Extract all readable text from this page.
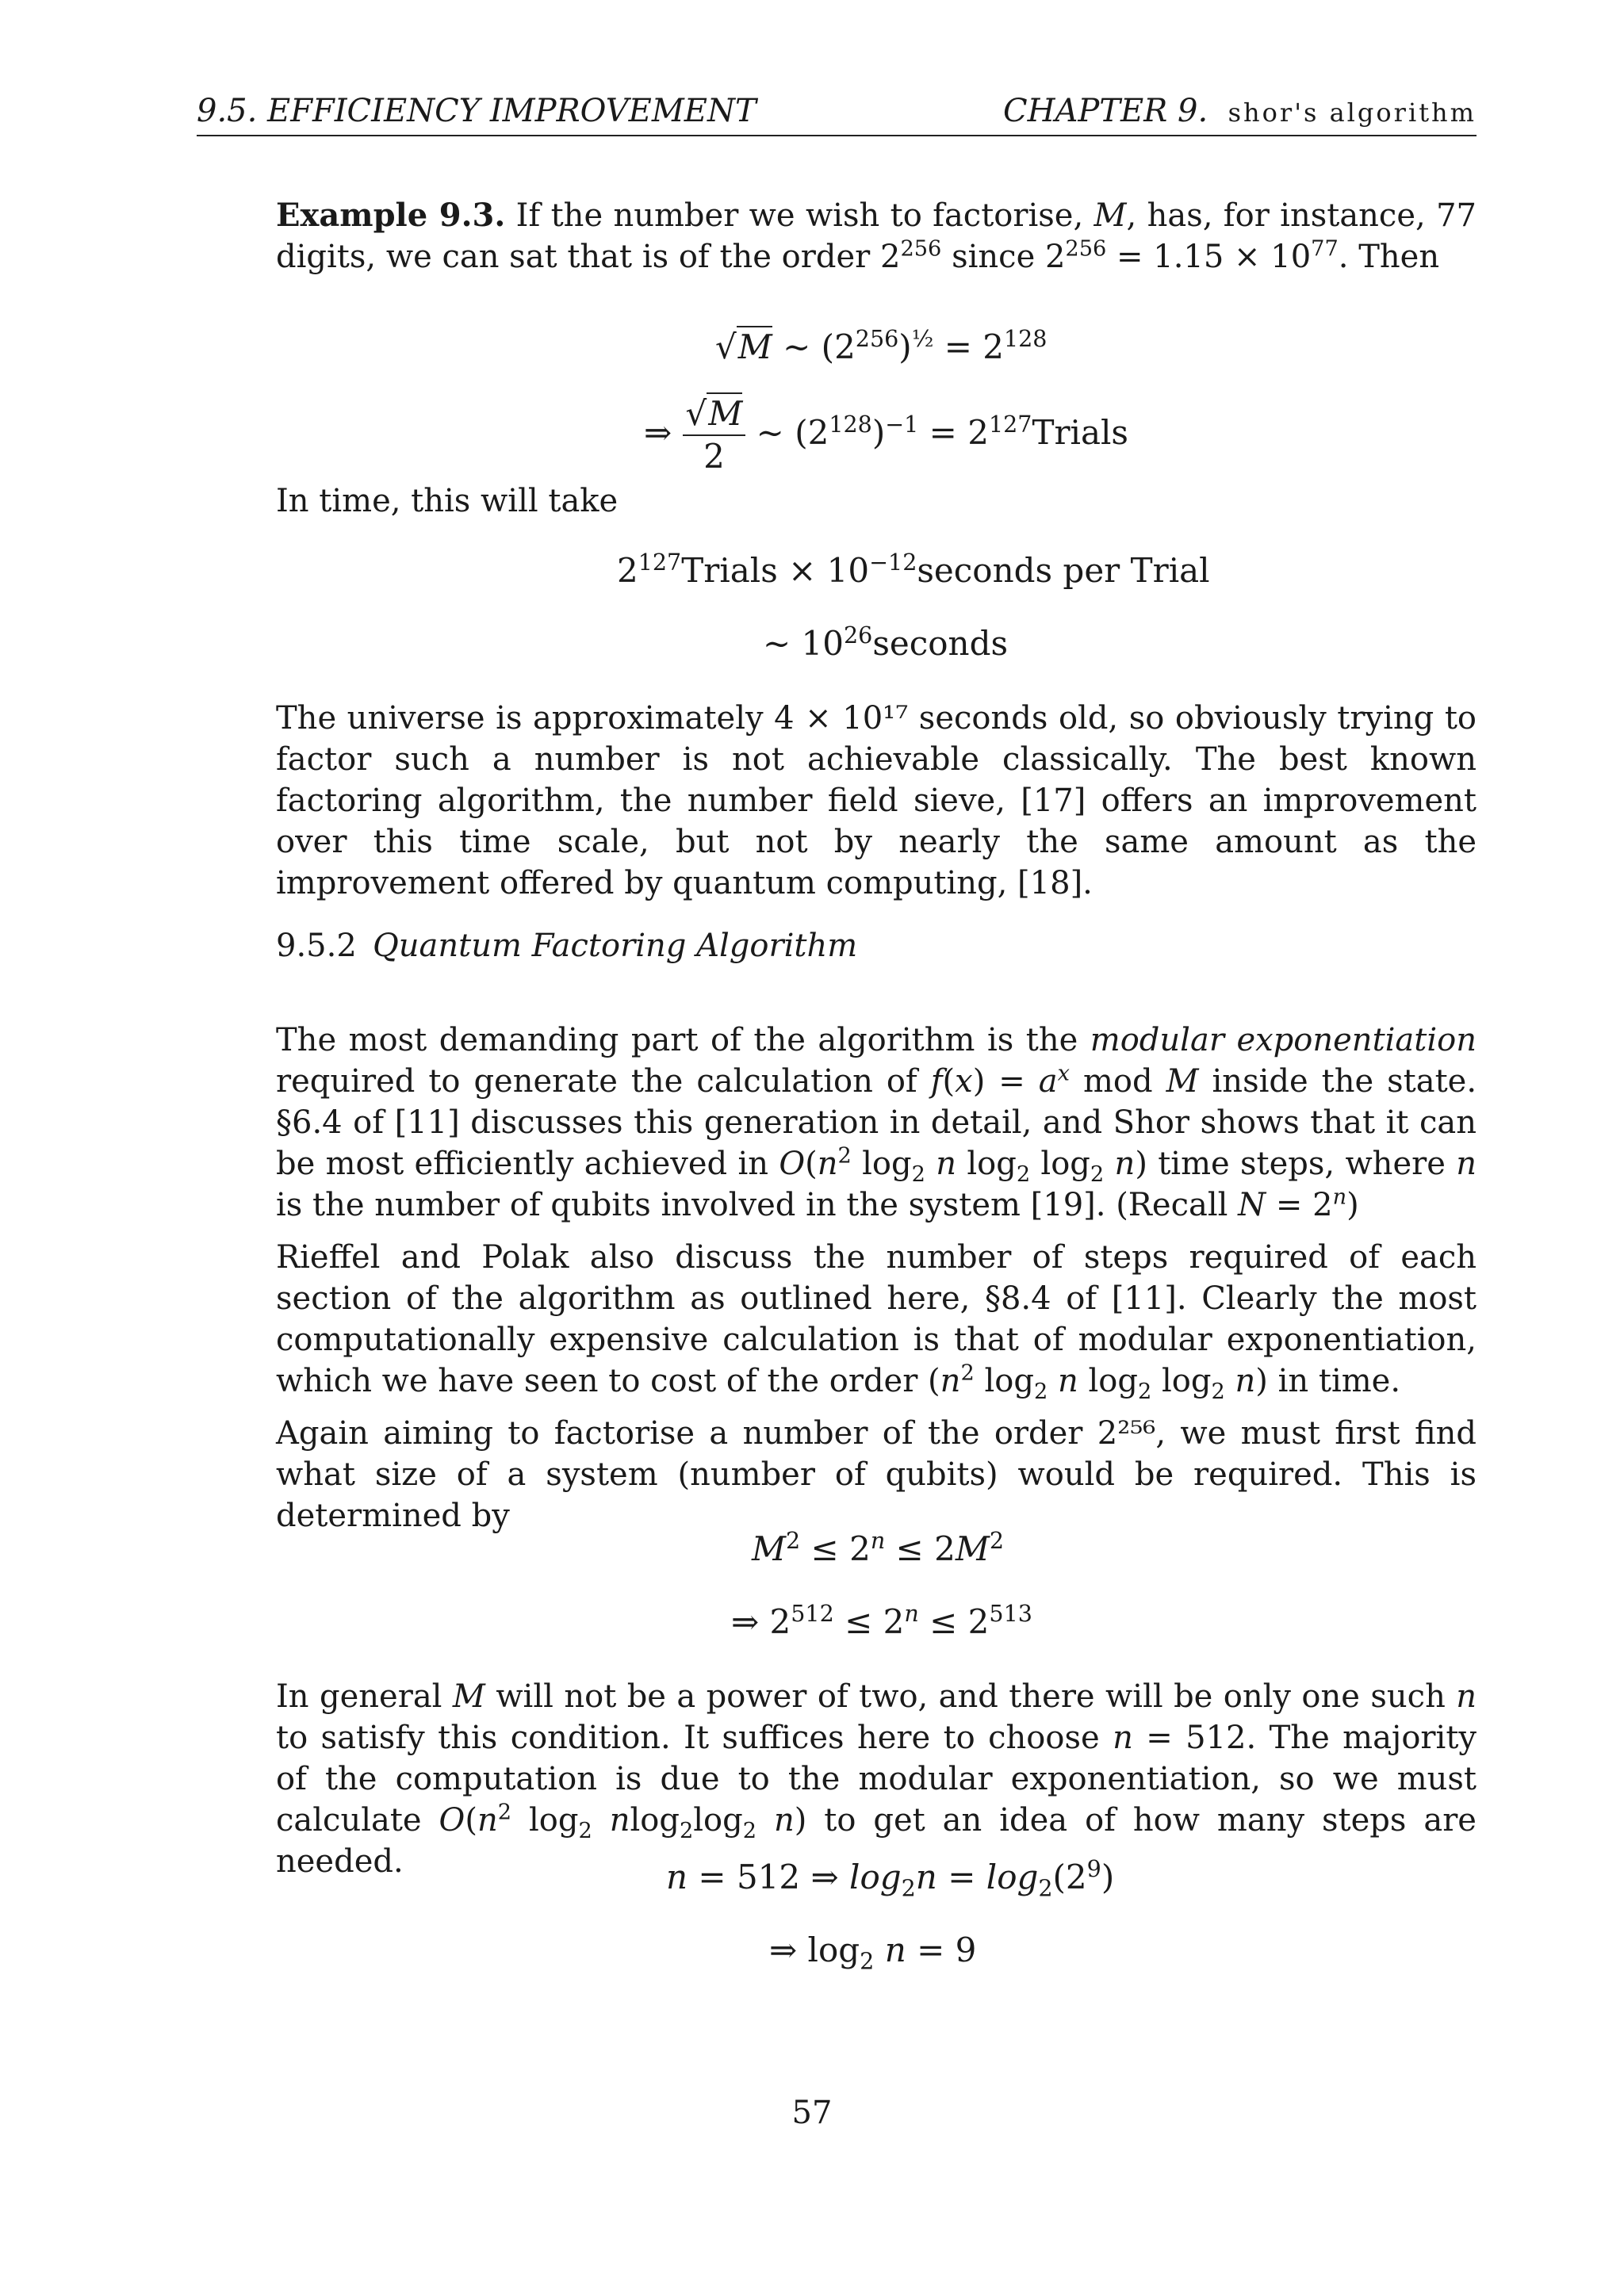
9.5. EFFICIENCY IMPROVEMENT	CHAPTER 9. shor's algorithm

Example 9.3. If the number we wish to factorise, M, has, for instance, 77 digits, we can sat that is of the order $2^{256}$ since $2^{256} = 1.15 \times 10^{77}$. Then

√M ∼ $(2^{256})^{\frac{1}{2}} = 2^{128}$
⇒ $\frac{√M}{2}$ ∼ $(2^{128})^{-1}$ = $2^{127}Trials$

In time, this will take

$2^{127}Trials$ × $10^{-12}seconds$ per Trial
∼ $10^{26}seconds$

The universe is approximately 4 × 10¹⁷ seconds old, so obviously trying to factor such a number is not achievable classically. The best known factoring algorithm, the number field sieve, [17] offers an improvement over this time scale, but not by nearly the same amount as the improvement offered by quantum computing, [18].

9.5.2 Quantum Factoring Algorithm

The most demanding part of the algorithm is the modular exponentiation required to generate the calculation of $f(x) = a^x$ mod M inside the state. §6.4 of [11] discusses this generation in detail, and Shor shows that it can be most efficiently achieved in $O(n^2$ $\log_2 n$ $\log_2 \log_2 n$) time steps, where n is the number of qubits involved in the system [19]. (Recall $N = 2^n$)

Rieffel and Polak also discuss the number of steps required of each section of the algorithm as outlined here, §8.4 of [11]. Clearly the most computationally expensive calculation is that of modular exponentiation, which we have seen to cost of the order ($n^2$ $\log_2 n$ $\log_2 \log_2 n$) in time.

Again aiming to factorise a number of the order 2²⁵⁶, we must first find what size of a system (number of qubits) would be required. This is determined by

$M^2 \le 2^n \le 2M^2$
⇒ $2^{512} \le 2^n \le 2^{513}$

In general M will not be a power of two, and there will be only one such n to satisfy this condition. It suffices here to choose n = 512. The majority of the computation is due to the modular exponentiation, so we must calculate $O(n^2$ $\log_2 nlog_2\log_2$ n) to get an idea of how many steps are needed.	n = 512 ⇒ $\log_2n = \log_2(2^9)$
⇒ $\log_2 n = 9$
57
